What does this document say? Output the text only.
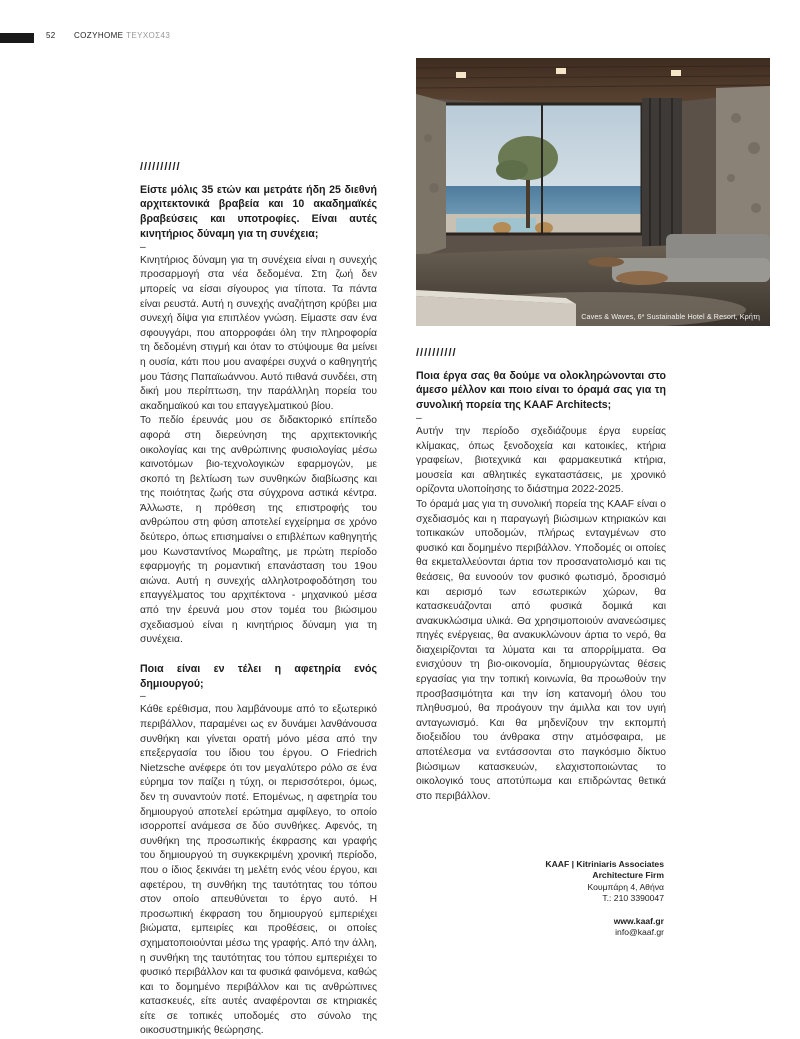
52 COZYHOME ΤΕΥΧΟΣ43
Caves & Waves, 6* Sustainable Hotel & Resort, Κρήτη
//////////

Είστε μόλις 35 ετών και μετράτε ήδη 25 διεθνή αρχιτεκτονικά βραβεία και 10 ακαδημαϊκές βραβεύσεις και υποτροφίες. Είναι αυτές κινητήριος δύναμη για τη συνέχεια;

–

Κινητήριος δύναμη για τη συνέχεια είναι η συνεχής προσαρμογή στα νέα δεδομένα. Στη ζωή δεν μπορείς να είσαι σίγουρος για τίποτα. Τα πάντα είναι ρευστά. Αυτή η συνεχής αναζήτηση κρύβει μια συνεχή δίψα για επιπλέον γνώση. Είμαστε σαν ένα σφουγγάρι, που απορροφάει όλη την πληροφορία τη δεδομένη στιγμή και όταν το στύψουμε θα μείνει η ουσία, κάτι που μου αναφέρει συχνά ο καθηγητής μου Τάσης Παπαϊωάννου. Αυτό πιθανά συνδέει, στη δική μου περίπτωση, την παράλληλη πορεία του ακαδημαϊκού και του επαγγελματικού βίου.

Το πεδίο έρευνάς μου σε διδακτορικό επίπεδο αφορά στη διερεύνηση της αρχιτεκτονικής οικολογίας και της ανθρώπινης φυσιολογίας μέσω καινοτόμων βιο-τεχνολογικών εφαρμογών, με σκοπό τη βελτίωση των συνθηκών διαβίωσης και της ποιότητας ζωής στα σύγχρονα αστικά κέντρα. Άλλωστε, η πρόθεση της επιστροφής του ανθρώπου στη φύση αποτελεί εγχείρημα σε χρόνο δεύτερο, όπως επισημαίνει ο επιβλέπων καθηγητής μου Κωνσταντίνος Μωραΐτης, με πρώτη περίοδο εφαρμογής τη ρομαντική επανάσταση του 19ου αιώνα. Αυτή η συνεχής αλληλοτροφοδότηση του επαγγέλματος του αρχιτέκτονα - μηχανικού μέσα από την έρευνά μου στον τομέα του βιώσιμου σχεδιασμού είναι η κινητήριος δύναμη για τη συνέχεια.

Ποια είναι εν τέλει η αφετηρία ενός δημιουργού;

–

Κάθε ερέθισμα, που λαμβάνουμε από το εξωτερικό περιβάλλον, παραμένει ως εν δυνάμει λανθάνουσα συνθήκη και γίνεται ορατή μόνο μέσα από την επεξεργασία του ίδιου του έργου. Ο Friedrich Nietzsche ανέφερε ότι τον μεγαλύτερο ρόλο σε ένα εύρημα τον παίζει η τύχη, οι περισσότεροι, όμως, δεν τη συναντούν ποτέ. Επομένως, η αφετηρία του δημιουργού αποτελεί ερώτημα αμφίλεγο, το οποίο ισορροπεί ανάμεσα σε δύο συνθήκες. Αφενός, τη συνθήκη της προσωπικής έκφρασης και γραφής του δημιουργού τη συγκεκριμένη χρονική περίοδο, που ο ίδιος ξεκινάει τη μελέτη ενός νέου έργου, και αφετέρου, τη συνθήκη της ταυτότητας του τόπου στον οποίο απευθύνεται το έργο αυτό. Η προσωπική έκφραση του δημιουργού εμπεριέχει βιώματα, εμπειρίες και προθέσεις, οι οποίες σχηματοποιούνται μέσω της γραφής. Από την άλλη, η συνθήκη της ταυτότητας του τόπου εμπεριέχει το φυσικό περιβάλλον και τα φυσικά φαινόμενα, καθώς και το δομημένο περιβάλλον και τις ανθρώπινες κατασκευές, είτε αυτές αναφέρονται σε κτηριακές είτε σε τοπικές υποδομές στο σύνολο της οικοσυστημικής θεώρησης.

//////////

Ποια έργα σας θα δούμε να ολοκληρώνονται στο άμεσο μέλλον και ποιο είναι το όραμά σας για τη συνολική πορεία της KAAF Architects;

–

Αυτήν την περίοδο σχεδιάζουμε έργα ευρείας κλίμακας, όπως ξενοδοχεία και κατοικίες, κτήρια γραφείων, βιοτεχνικά και φαρμακευτικά κτήρια, μουσεία και αθλητικές εγκαταστάσεις, με χρονικό ορίζοντα υλοποίησης το διάστημα 2022-2025.

Το όραμά μας για τη συνολική πορεία της KAAF είναι ο σχεδιασμός και η παραγωγή βιώσιμων κτηριακών και τοπικακών υποδομών, πλήρως ενταγμένων στο φυσικό και δομημένο περιβάλλον. Υποδομές οι οποίες θα εκμεταλλεύονται άρτια τον προσανατολισμό και τις θεάσεις, θα ευνοούν τον φυσικό φωτισμό, δροσισμό και αερισμό των εσωτερικών χώρων, θα κατασκευάζονται από φυσικά δομικά και ανακυκλώσιμα υλικά. Θα χρησιμοποιούν ανανεώσιμες πηγές ενέργειας, θα ανακυκλώνουν άρτια το νερό, θα διαχειρίζονται τα λύματα και τα απορρίμματα. Θα ενισχύουν τη βιο-οικονομία, δημιουργώντας θέσεις εργασίας για την τοπική κοινωνία, θα προωθούν την προσβασιμότητα και την ίση κατανομή όλου του πληθυσμού, θα προάγουν την άμιλλα και τον υγιή ανταγωνισμό. Και θα μηδενίζουν την εκπομπή διοξειδίου του άνθρακα στην ατμόσφαιρα, με αποτέλεσμα να εντάσσονται στο παγκόσμιο δίκτυο βιώσιμων κατασκευών, ελαχιστοποιώντας το οικολογικό τους αποτύπωμα και επιδρώντας θετικά στο περιβάλλον.

KAAF | Kitriniaris Associates
Architecture Firm
Κουμπάρη 4, Αθήνα
Τ.: 210 3390047
www.kaaf.gr
info@kaaf.gr
